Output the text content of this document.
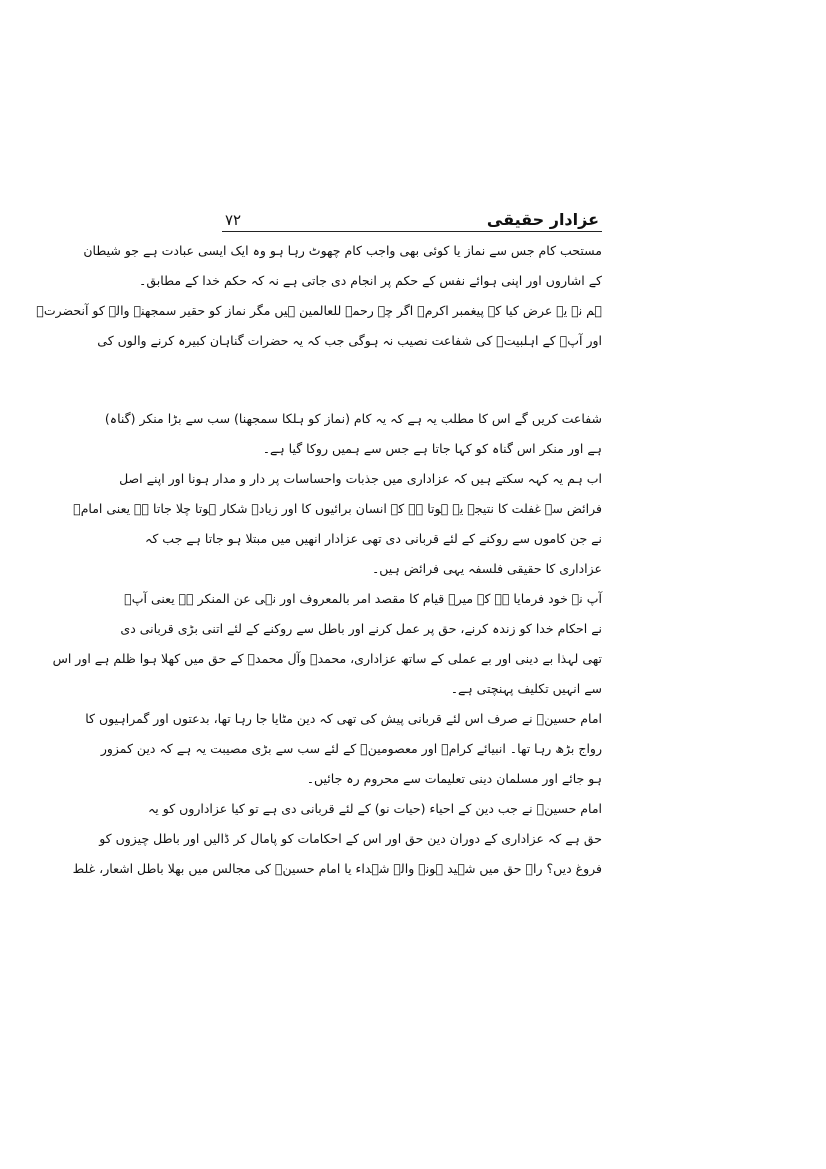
۷۲	عزادار حقیقی
مستحب کام جس سے نماز یا کوئی بھی واجب کام چھوٹ رہا ہو وہ ایک ایسی عبادت ہے جو شیطان
کے اشاروں اور اپنی ہوائے نفس کے حکم پر انجام دی جاتی ہے نہ کہ حکم خدا کے مطابق۔
ہم نے یہ عرض کیا کہ پیغمبر اکرمؐ اگر چہ رحمۃ للعالمین ہیں مگر نماز کو حقیر سمجھنے والے کو آنحضرتؐ
اور آپؐ کے اہلبیتؑ کی شفاعت نصیب نہ ہوگی جب کہ یہ حضرات گناہان کبیرہ کرنے والوں کی
شفاعت کریں گے اس کا مطلب یہ ہے کہ یہ کام (نماز کو ہلکا سمجھنا) سب سے بڑا منکر (گناہ)
ہے اور منکر اس گناہ کو کہا جاتا ہے جس سے ہمیں روکا گیا ہے۔
اب ہم یہ کہہ سکتے ہیں کہ عزاداری میں جذبات واحساسات پر دار و مدار ہونا اور اپنے اصل
فرائض سے غفلت کا نتیجہ یہ ہوتا ہے کہ انسان برائیوں کا اور زیادہ شکار ہوتا چلا جاتا ہے یعنی امامؑ
نے جن کاموں سے روکنے کے لئے قربانی دی تھی عزادار انھیں میں مبتلا ہو جاتا ہے جب کہ
عزاداری کا حقیقی فلسفہ یہی فرائض ہیں۔
آپ نے خود فرمایا ہے کہ میرے قیام کا مقصد امر بالمعروف اور نہی عن المنکر ہے یعنی آپؑ
نے احکام خدا کو زندہ کرنے، حق پر عمل کرنے اور باطل سے روکنے کے لئے اتنی بڑی قربانی دی
تھی لہذا بے دینی اور بے عملی کے ساتھ عزاداری، محمدؐ وآل محمدؐ کے حق میں کھلا ہوا ظلم ہے اور اس
سے انہیں تکلیف پہنچتی ہے۔
امام حسینؑ نے صرف اس لئے قربانی پیش کی تھی کہ دین مٹایا جا رہا تھا، بدعتوں اور گمراہیوں کا
رواج بڑھ رہا تھا۔ انبیائے کرامؑ اور معصومینؑ کے لئے سب سے بڑی مصیبت یہ ہے کہ دین کمزور
ہو جائے اور مسلمان دینی تعلیمات سے محروم رہ جائیں۔
امام حسینؑ نے جب دین کے احیاء (حیات نو) کے لئے قربانی دی ہے تو کیا عزاداروں کو یہ
حق ہے کہ عزاداری کے دوران دین حق اور اس کے احکامات کو پامال کر ڈالیں اور باطل چیزوں کو
فروغ دیں؟ راہ حق میں شہید ہونے والے شہداء یا امام حسینؑ کی مجالس میں بھلا باطل اشعار، غلط
